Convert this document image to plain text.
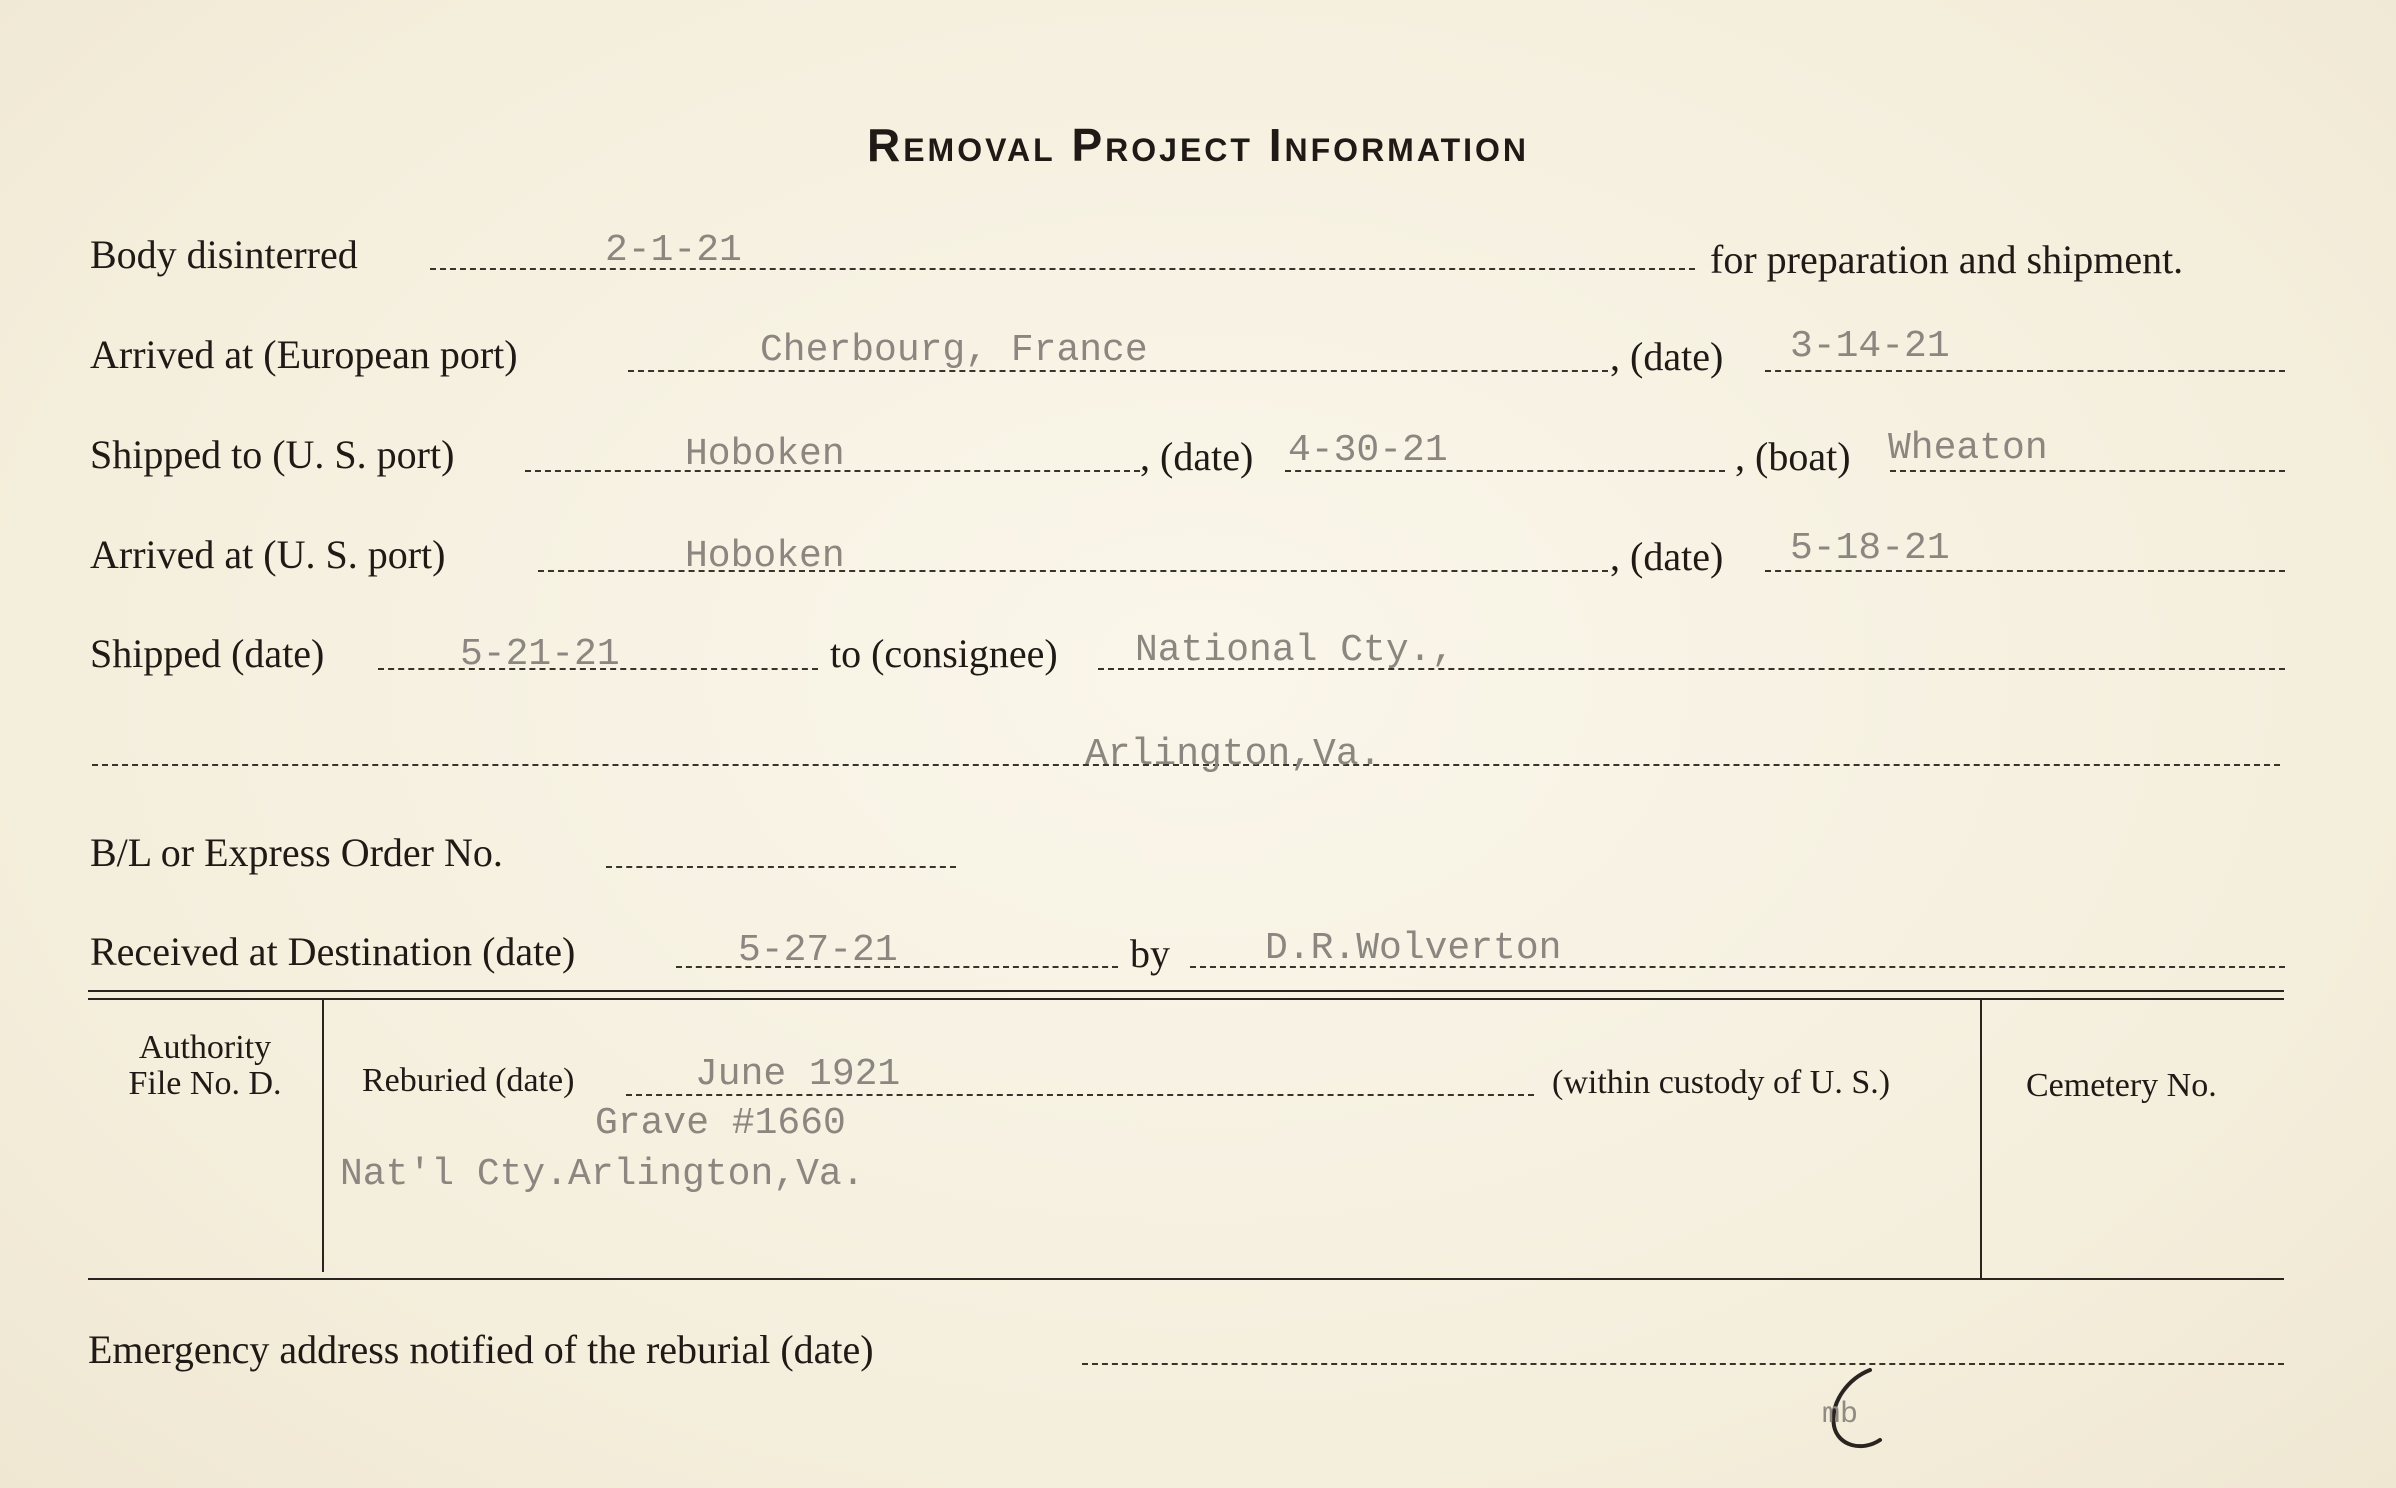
Removal Project Information
Body disinterred	2-1-21	for preparation and shipment.
Arrived at (European port)	Cherbourg, France	, (date) 3-14-21
Shipped to (U. S. port)	Hoboken	, (date) 4-30-21	, (boat) Wheaton
Arrived at (U. S. port)	Hoboken	, (date) 5-18-21
Shipped (date)	5-21-21	to (consignee) National Cty.,
Arlington,Va.
B/L or Express Order No.
Received at Destination (date)	5-27-21	by	D.R.Wolverton
Authority
File No. D.	Reburied (date)	June 1921	(within custody of U. S.)
Grave #1660
Nat'l Cty.Arlington,Va.
Cemetery No.
Emergency address notified of the reburial (date)
mb
